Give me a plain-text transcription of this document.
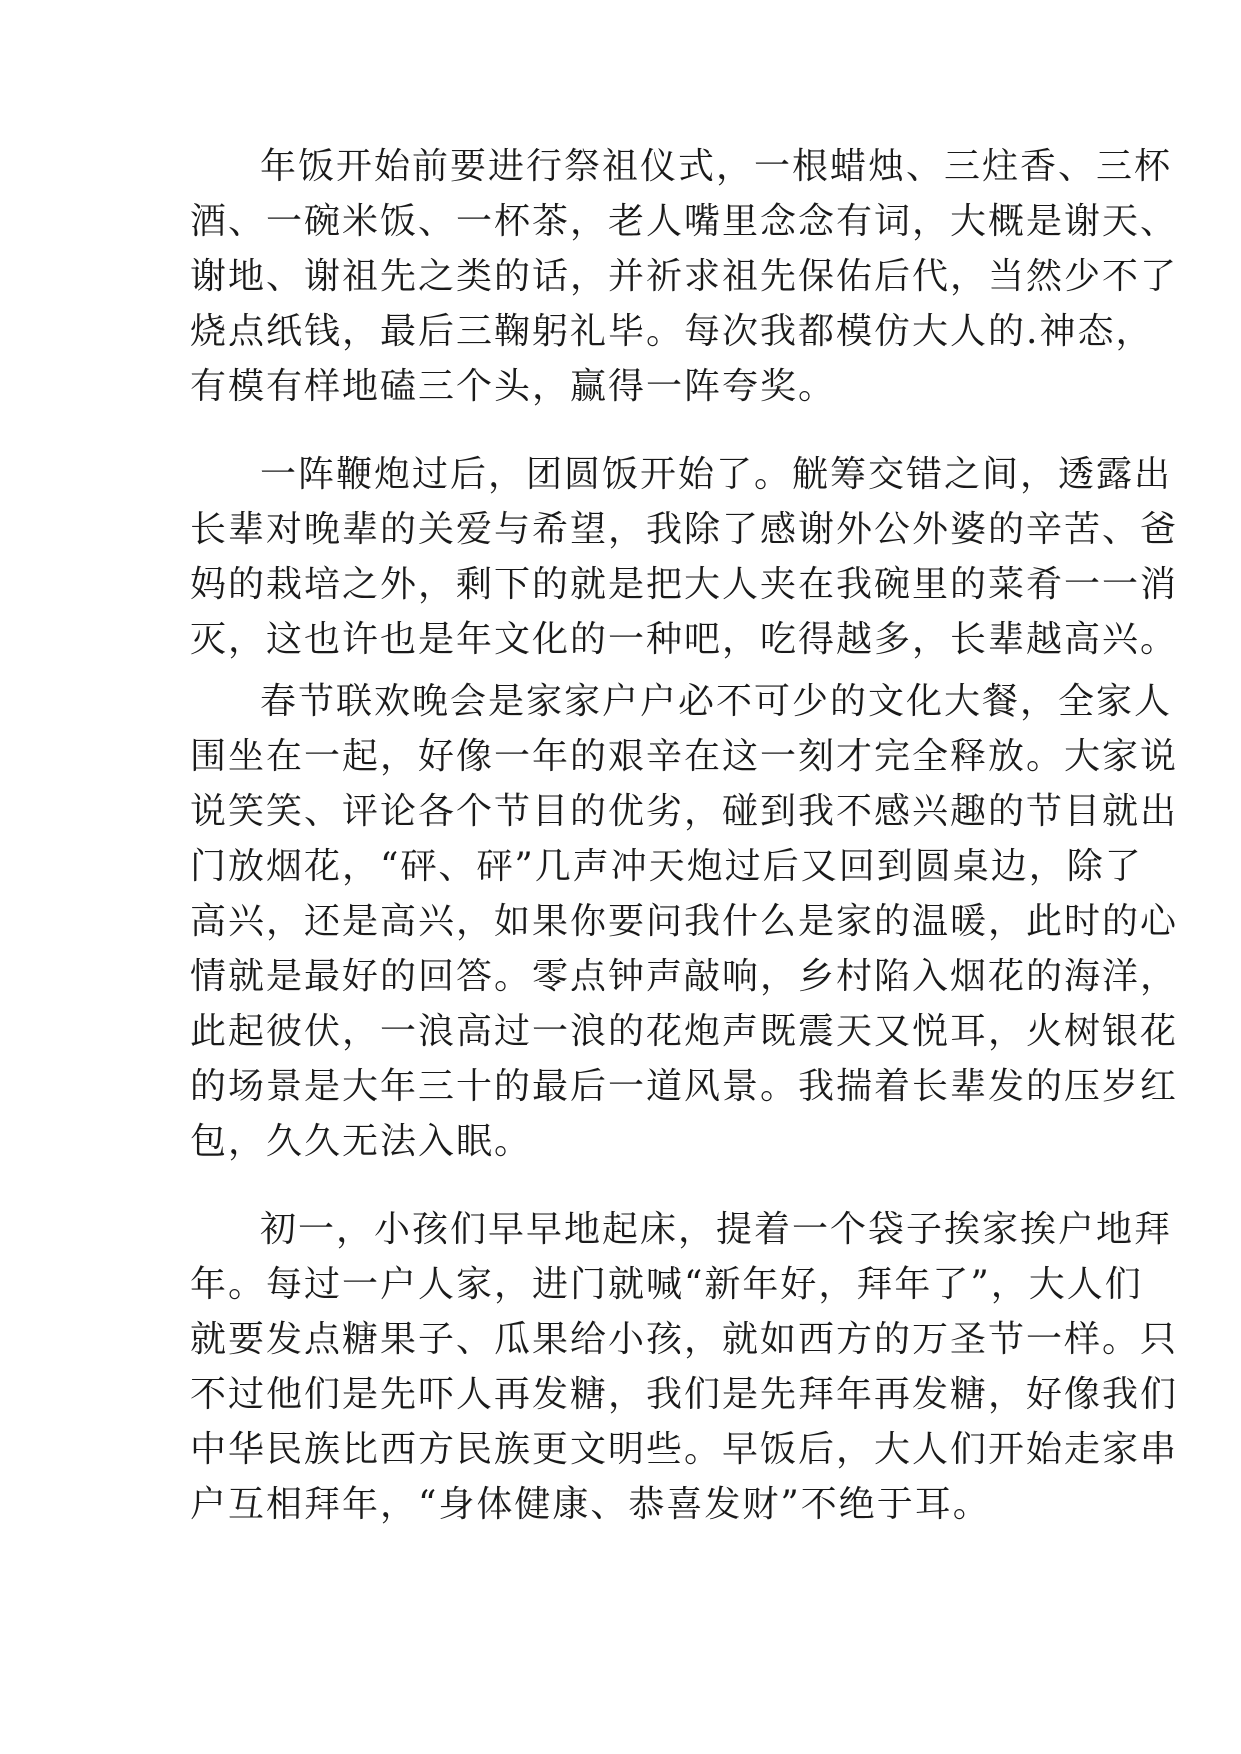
年饭开始前要进行祭祖仪式，一根蜡烛、三炷香、三杯
酒、一碗米饭、一杯茶，老人嘴里念念有词，大概是谢天、
谢地、谢祖先之类的话，并祈求祖先保佑后代，当然少不了
烧点纸钱，最后三鞠躬礼毕。每次我都模仿大人的.神态，
有模有样地磕三个头，赢得一阵夸奖。
一阵鞭炮过后，团圆饭开始了。觥筹交错之间，透露出
长辈对晚辈的关爱与希望，我除了感谢外公外婆的辛苦、爸
妈的栽培之外，剩下的就是把大人夹在我碗里的菜肴一一消
灭，这也许也是年文化的一种吧，吃得越多，长辈越高兴。
春节联欢晚会是家家户户必不可少的文化大餐，全家人
围坐在一起，好像一年的艰辛在这一刻才完全释放。大家说
说笑笑、评论各个节目的优劣，碰到我不感兴趣的节目就出
门放烟花，“砰、砰”几声冲天炮过后又回到圆桌边，除了
高兴，还是高兴，如果你要问我什么是家的温暖，此时的心
情就是最好的回答。零点钟声敲响，乡村陷入烟花的海洋，
此起彼伏，一浪高过一浪的花炮声既震天又悦耳，火树银花
的场景是大年三十的最后一道风景。我揣着长辈发的压岁红
包，久久无法入眠。
初一，小孩们早早地起床，提着一个袋子挨家挨户地拜
年。每过一户人家，进门就喊“新年好，拜年了”，大人们
就要发点糖果子、瓜果给小孩，就如西方的万圣节一样。只
不过他们是先吓人再发糖，我们是先拜年再发糖，好像我们
中华民族比西方民族更文明些。早饭后，大人们开始走家串
户互相拜年，“身体健康、恭喜发财”不绝于耳。
